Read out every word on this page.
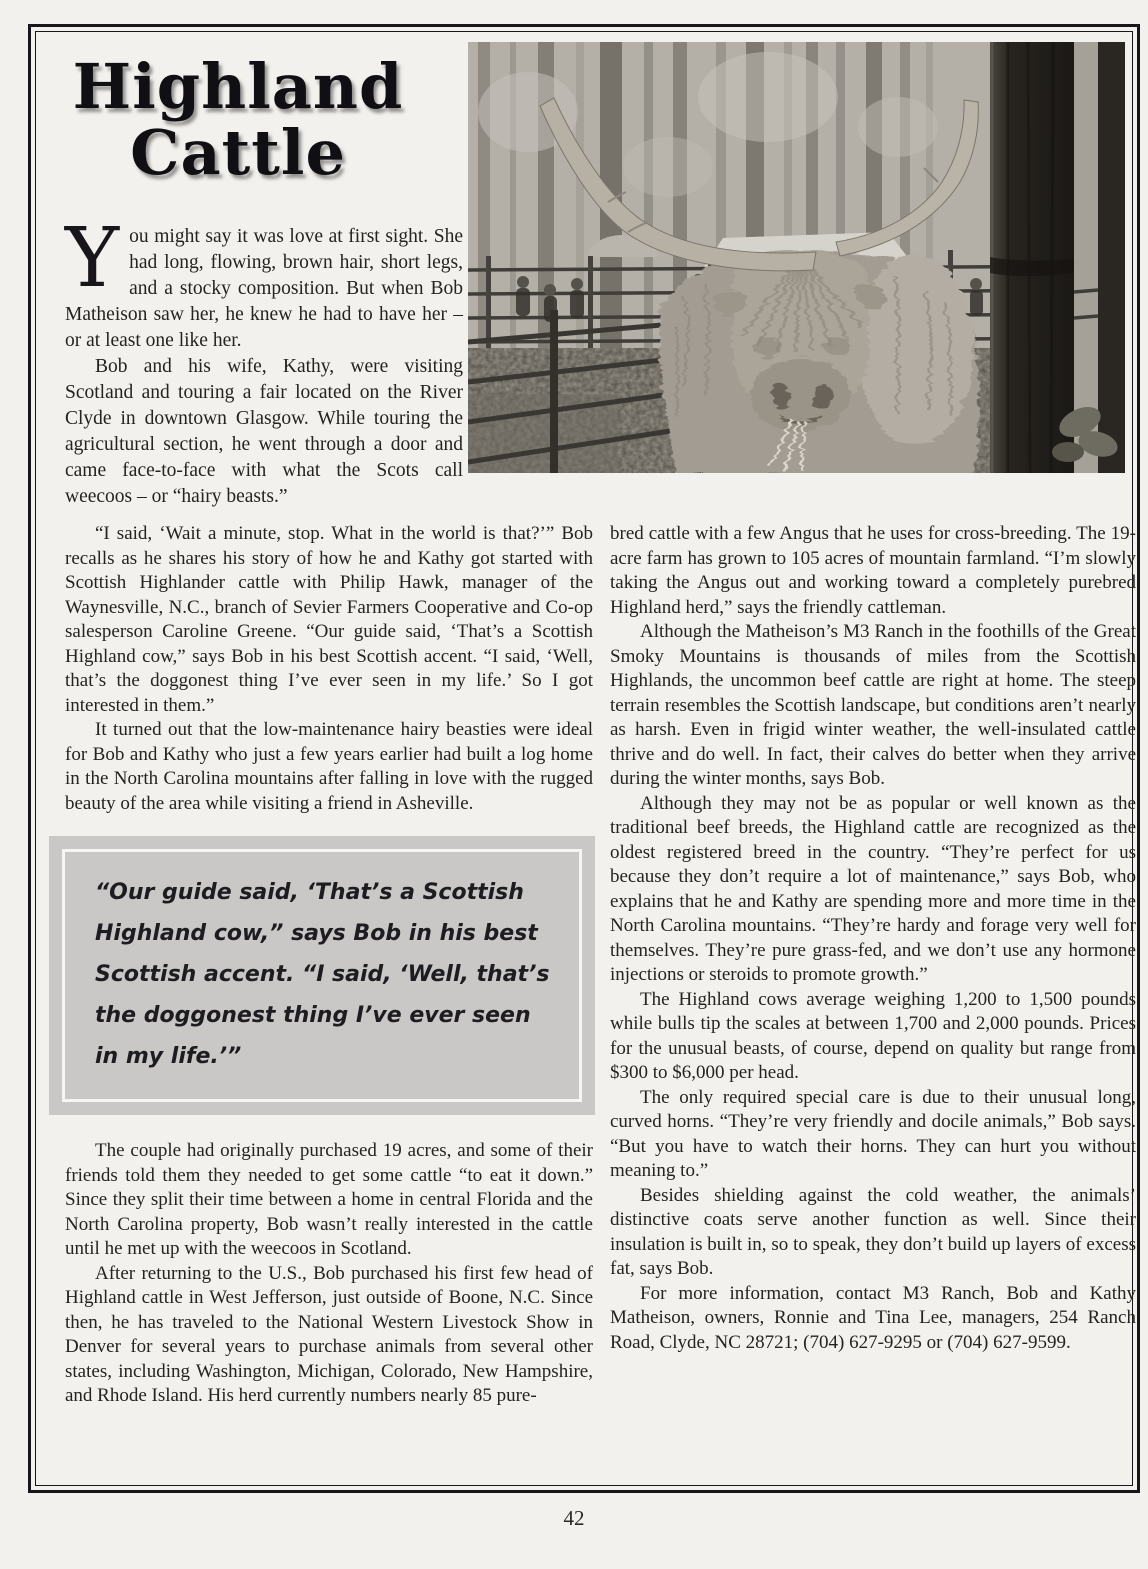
Highland
Cattle

You might say it was love at first sight. She had long, flowing, brown hair, short legs, and a stocky composition. But when Bob Matheison saw her, he knew he had to have her – or at least one like her.

Bob and his wife, Kathy, were visiting Scotland and touring a fair located on the River Clyde in downtown Glasgow. While touring the agricultural section, he went through a door and came face-to-face with what the Scots call weecoos – or “hairy beasts.”

“I said, ‘Wait a minute, stop. What in the world is that?’” Bob recalls as he shares his story of how he and Kathy got started with Scottish Highlander cattle with Philip Hawk, manager of the Waynesville, N.C., branch of Sevier Farmers Cooperative and Co-op salesperson Caroline Greene. “Our guide said, ‘That’s a Scottish Highland cow,” says Bob in his best Scottish accent. “I said, ‘Well, that’s the doggonest thing I’ve ever seen in my life.’ So I got interested in them.”

It turned out that the low-maintenance hairy beasties were ideal for Bob and Kathy who just a few years earlier had built a log home in the North Carolina mountains after falling in love with the rugged beauty of the area while visiting a friend in Asheville.

“Our guide said, ‘That’s a Scottish Highland cow,” says Bob in his best Scottish accent. “I said, ‘Well, that’s the doggonest thing I’ve ever seen in my life.’”

The couple had originally purchased 19 acres, and some of their friends told them they needed to get some cattle “to eat it down.” Since they split their time between a home in central Florida and the North Carolina property, Bob wasn’t really interested in the cattle until he met up with the weecoos in Scotland.

After returning to the U.S., Bob purchased his first few head of Highland cattle in West Jefferson, just outside of Boone, N.C. Since then, he has traveled to the National Western Livestock Show in Denver for several years to purchase animals from several other states, including Washington, Michigan, Colorado, New Hampshire, and Rhode Island. His herd currently numbers nearly 85 pure-

bred cattle with a few Angus that he uses for cross-breeding. The 19-acre farm has grown to 105 acres of mountain farmland. “I’m slowly taking the Angus out and working toward a completely purebred Highland herd,” says the friendly cattleman.

Although the Matheison’s M3 Ranch in the foothills of the Great Smoky Mountains is thousands of miles from the Scottish Highlands, the uncommon beef cattle are right at home. The steep terrain resembles the Scottish landscape, but conditions aren’t nearly as harsh. Even in frigid winter weather, the well-insulated cattle thrive and do well. In fact, their calves do better when they arrive during the winter months, says Bob.

Although they may not be as popular or well known as the traditional beef breeds, the Highland cattle are recognized as the oldest registered breed in the country. “They’re perfect for us because they don’t require a lot of maintenance,” says Bob, who explains that he and Kathy are spending more and more time in the North Carolina mountains. “They’re hardy and forage very well for themselves. They’re pure grass-fed, and we don’t use any hormone injections or steroids to promote growth.”

The Highland cows average weighing 1,200 to 1,500 pounds while bulls tip the scales at between 1,700 and 2,000 pounds. Prices for the unusual beasts, of course, depend on quality but range from $300 to $6,000 per head.

The only required special care is due to their unusual long, curved horns. “They’re very friendly and docile animals,” Bob says. “But you have to watch their horns. They can hurt you without meaning to.”

Besides shielding against the cold weather, the animals’ distinctive coats serve another function as well. Since their insulation is built in, so to speak, they don’t build up layers of excess fat, says Bob.

For more information, contact M3 Ranch, Bob and Kathy Matheison, owners, Ronnie and Tina Lee, managers, 254 Ranch Road, Clyde, NC 28721; (704) 627-9295 or (704) 627-9599.

42
